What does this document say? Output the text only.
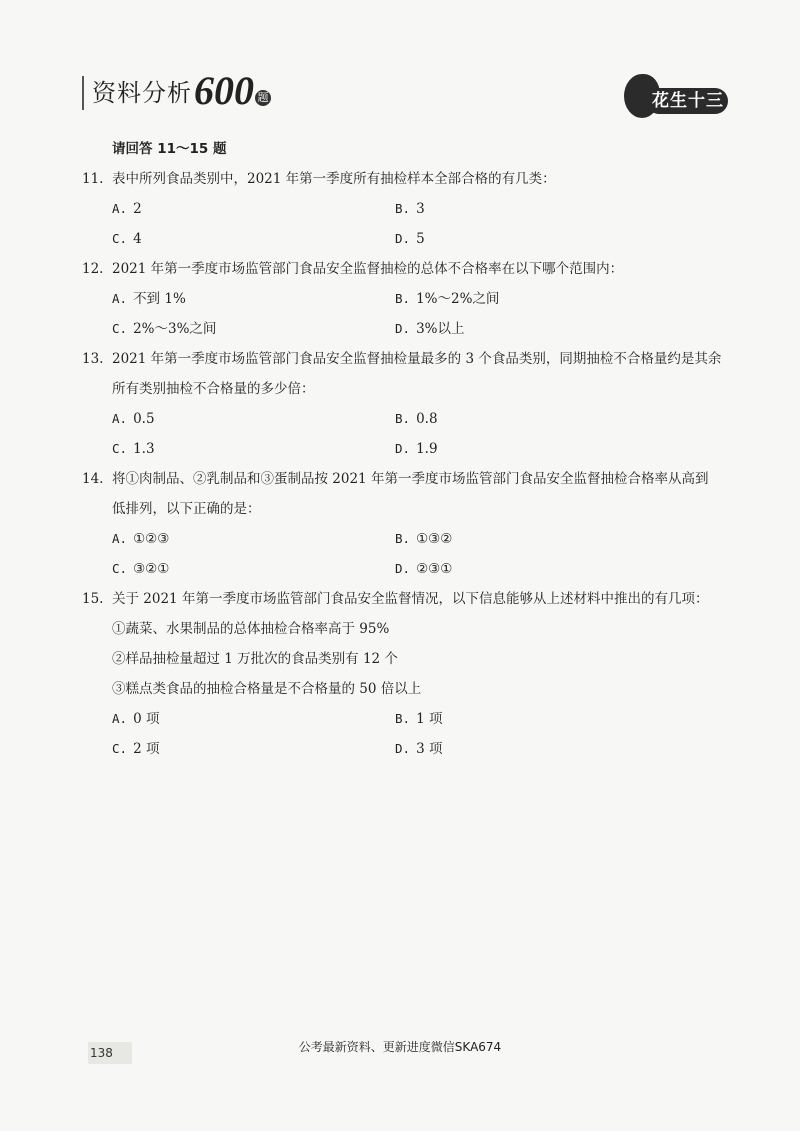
资料分析 600 题	花生十三
请回答 11～15 题
11. 表中所列食品类别中，2021 年第一季度所有抽检样本全部合格的有几类：
A. 2	B. 3
C. 4	D. 5
12. 2021 年第一季度市场监管部门食品安全监督抽检的总体不合格率在以下哪个范围内：
A. 不到 1%	B. 1%～2%之间
C. 2%～3%之间	D. 3%以上
13. 2021 年第一季度市场监管部门食品安全监督抽检量最多的 3 个食品类别，同期抽检不合格量约是其余
所有类别抽检不合格量的多少倍：
A. 0.5	B. 0.8
C. 1.3	D. 1.9
14. 将①肉制品、②乳制品和③蛋制品按 2021 年第一季度市场监管部门食品安全监督抽检合格率从高到
低排列，以下正确的是：
A. ①②③	B. ①③②
C. ③②①	D. ②③①
15. 关于 2021 年第一季度市场监管部门食品安全监督情况，以下信息能够从上述材料中推出的有几项：
①蔬菜、水果制品的总体抽检合格率高于 95%
②样品抽检量超过 1 万批次的食品类别有 12 个
③糕点类食品的抽检合格量是不合格量的 50 倍以上
A. 0 项	B. 1 项
C. 2 项	D. 3 项
138	公考最新资料、更新进度微信SKA674
